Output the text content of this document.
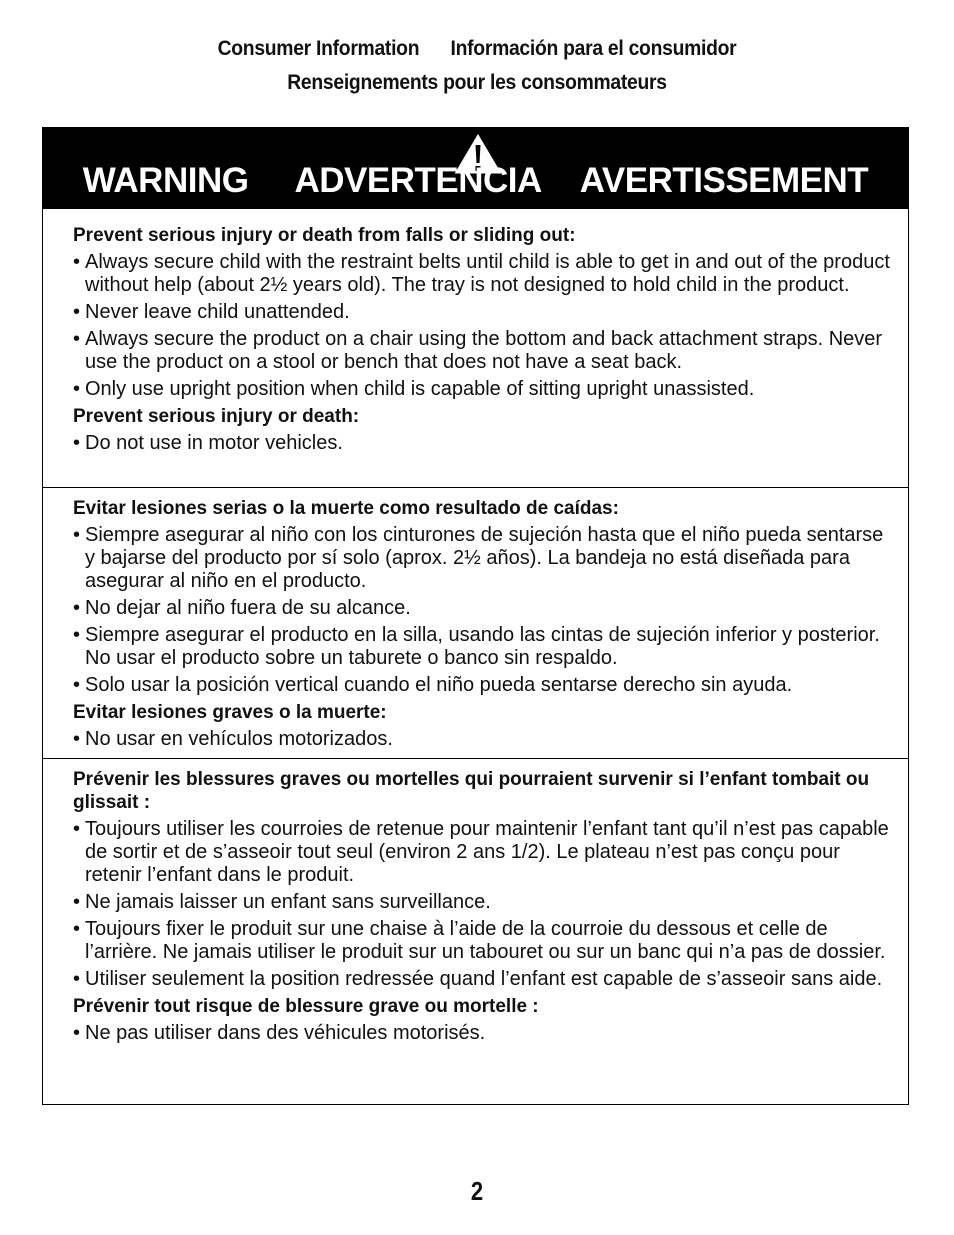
Consumer Information Información para el consumidor
Renseignements pour les consommateurs
WARNING ADVERTENCIA AVERTISSEMENT
Prevent serious injury or death from falls or sliding out:
• Always secure child with the restraint belts until child is able to get in and out of the product without help (about 2½ years old). The tray is not designed to hold child in the product.
• Never leave child unattended.
• Always secure the product on a chair using the bottom and back attachment straps. Never use the product on a stool or bench that does not have a seat back.
• Only use upright position when child is capable of sitting upright unassisted.
Prevent serious injury or death:
• Do not use in motor vehicles.
Evitar lesiones serias o la muerte como resultado de caídas:
• Siempre asegurar al niño con los cinturones de sujeción hasta que el niño pueda sentarse y bajarse del producto por sí solo (aprox. 2½ años). La bandeja no está diseñada para asegurar al niño en el producto.
• No dejar al niño fuera de su alcance.
• Siempre asegurar el producto en la silla, usando las cintas de sujeción inferior y posterior. No usar el producto sobre un taburete o banco sin respaldo.
• Solo usar la posición vertical cuando el niño pueda sentarse derecho sin ayuda.
Evitar lesiones graves o la muerte:
• No usar en vehículos motorizados.
Prévenir les blessures graves ou mortelles qui pourraient survenir si l’enfant tombait ou glissait :
• Toujours utiliser les courroies de retenue pour maintenir l’enfant tant qu’il n’est pas capable de sortir et de s’asseoir tout seul (environ 2 ans 1/2). Le plateau n’est pas conçu pour retenir l’enfant dans le produit.
• Ne jamais laisser un enfant sans surveillance.
• Toujours fixer le produit sur une chaise à l’aide de la courroie du dessous et celle de l’arrière. Ne jamais utiliser le produit sur un tabouret ou sur un banc qui n’a pas de dossier.
• Utiliser seulement la position redressée quand l’enfant est capable de s’asseoir sans aide.
Prévenir tout risque de blessure grave ou mortelle :
• Ne pas utiliser dans des véhicules motorisés.
2
